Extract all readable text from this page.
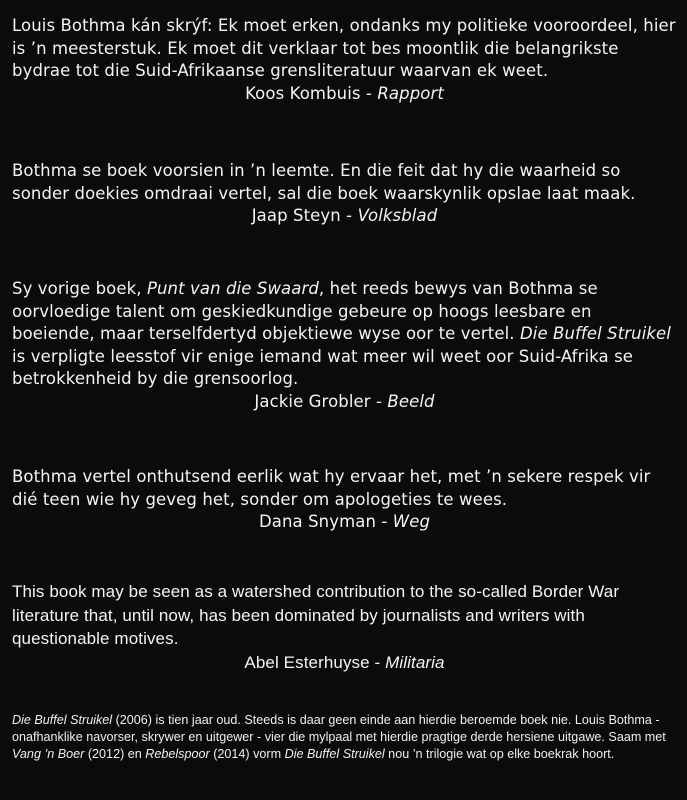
Louis Bothma kán skrýf: Ek moet erken, ondanks my politieke vooroordeel, hier is ’n meesterstuk. Ek moet dit verklaar tot bes moontlik die belangrikste bydrae tot die Suid-Afrikaanse grensliteratuur waarvan ek weet.

Koos Kombuis - Rapport

Bothma se boek voorsien in ’n leemte. En die feit dat hy die waarheid so sonder doekies omdraai vertel, sal die boek waarskynlik opslae laat maak.

Jaap Steyn - Volksblad

Sy vorige boek, Punt van die Swaard, het reeds bewys van Bothma se oorvloedige talent om geskiedkundige gebeure op hoogs leesbare en boeiende, maar terselfdertyd objektiewe wyse oor te vertel. Die Buffel Struikel is verpligte leesstof vir enige iemand wat meer wil weet oor Suid-Afrika se betrokkenheid by die grensoorlog.

Jackie Grobler - Beeld

Bothma vertel onthutsend eerlik wat hy ervaar het, met ’n sekere respek vir dié teen wie hy geveg het, sonder om apologeties te wees.

Dana Snyman - Weg

This book may be seen as a watershed contribution to the so-called Border War literature that, until now, has been dominated by journalists and writers with questionable motives.

Abel Esterhuyse - Militaria

Die Buffel Struikel (2006) is tien jaar oud. Steeds is daar geen einde aan hierdie beroemde boek nie. Louis Bothma - onafhanklike navorser, skrywer en uitgewer - vier die mylpaal met hierdie pragtige derde hersiene uitgawe. Saam met Vang ’n Boer (2012) en Rebelspoor (2014) vorm Die Buffel Struikel nou ’n trilogie wat op elke boekrak hoort.
